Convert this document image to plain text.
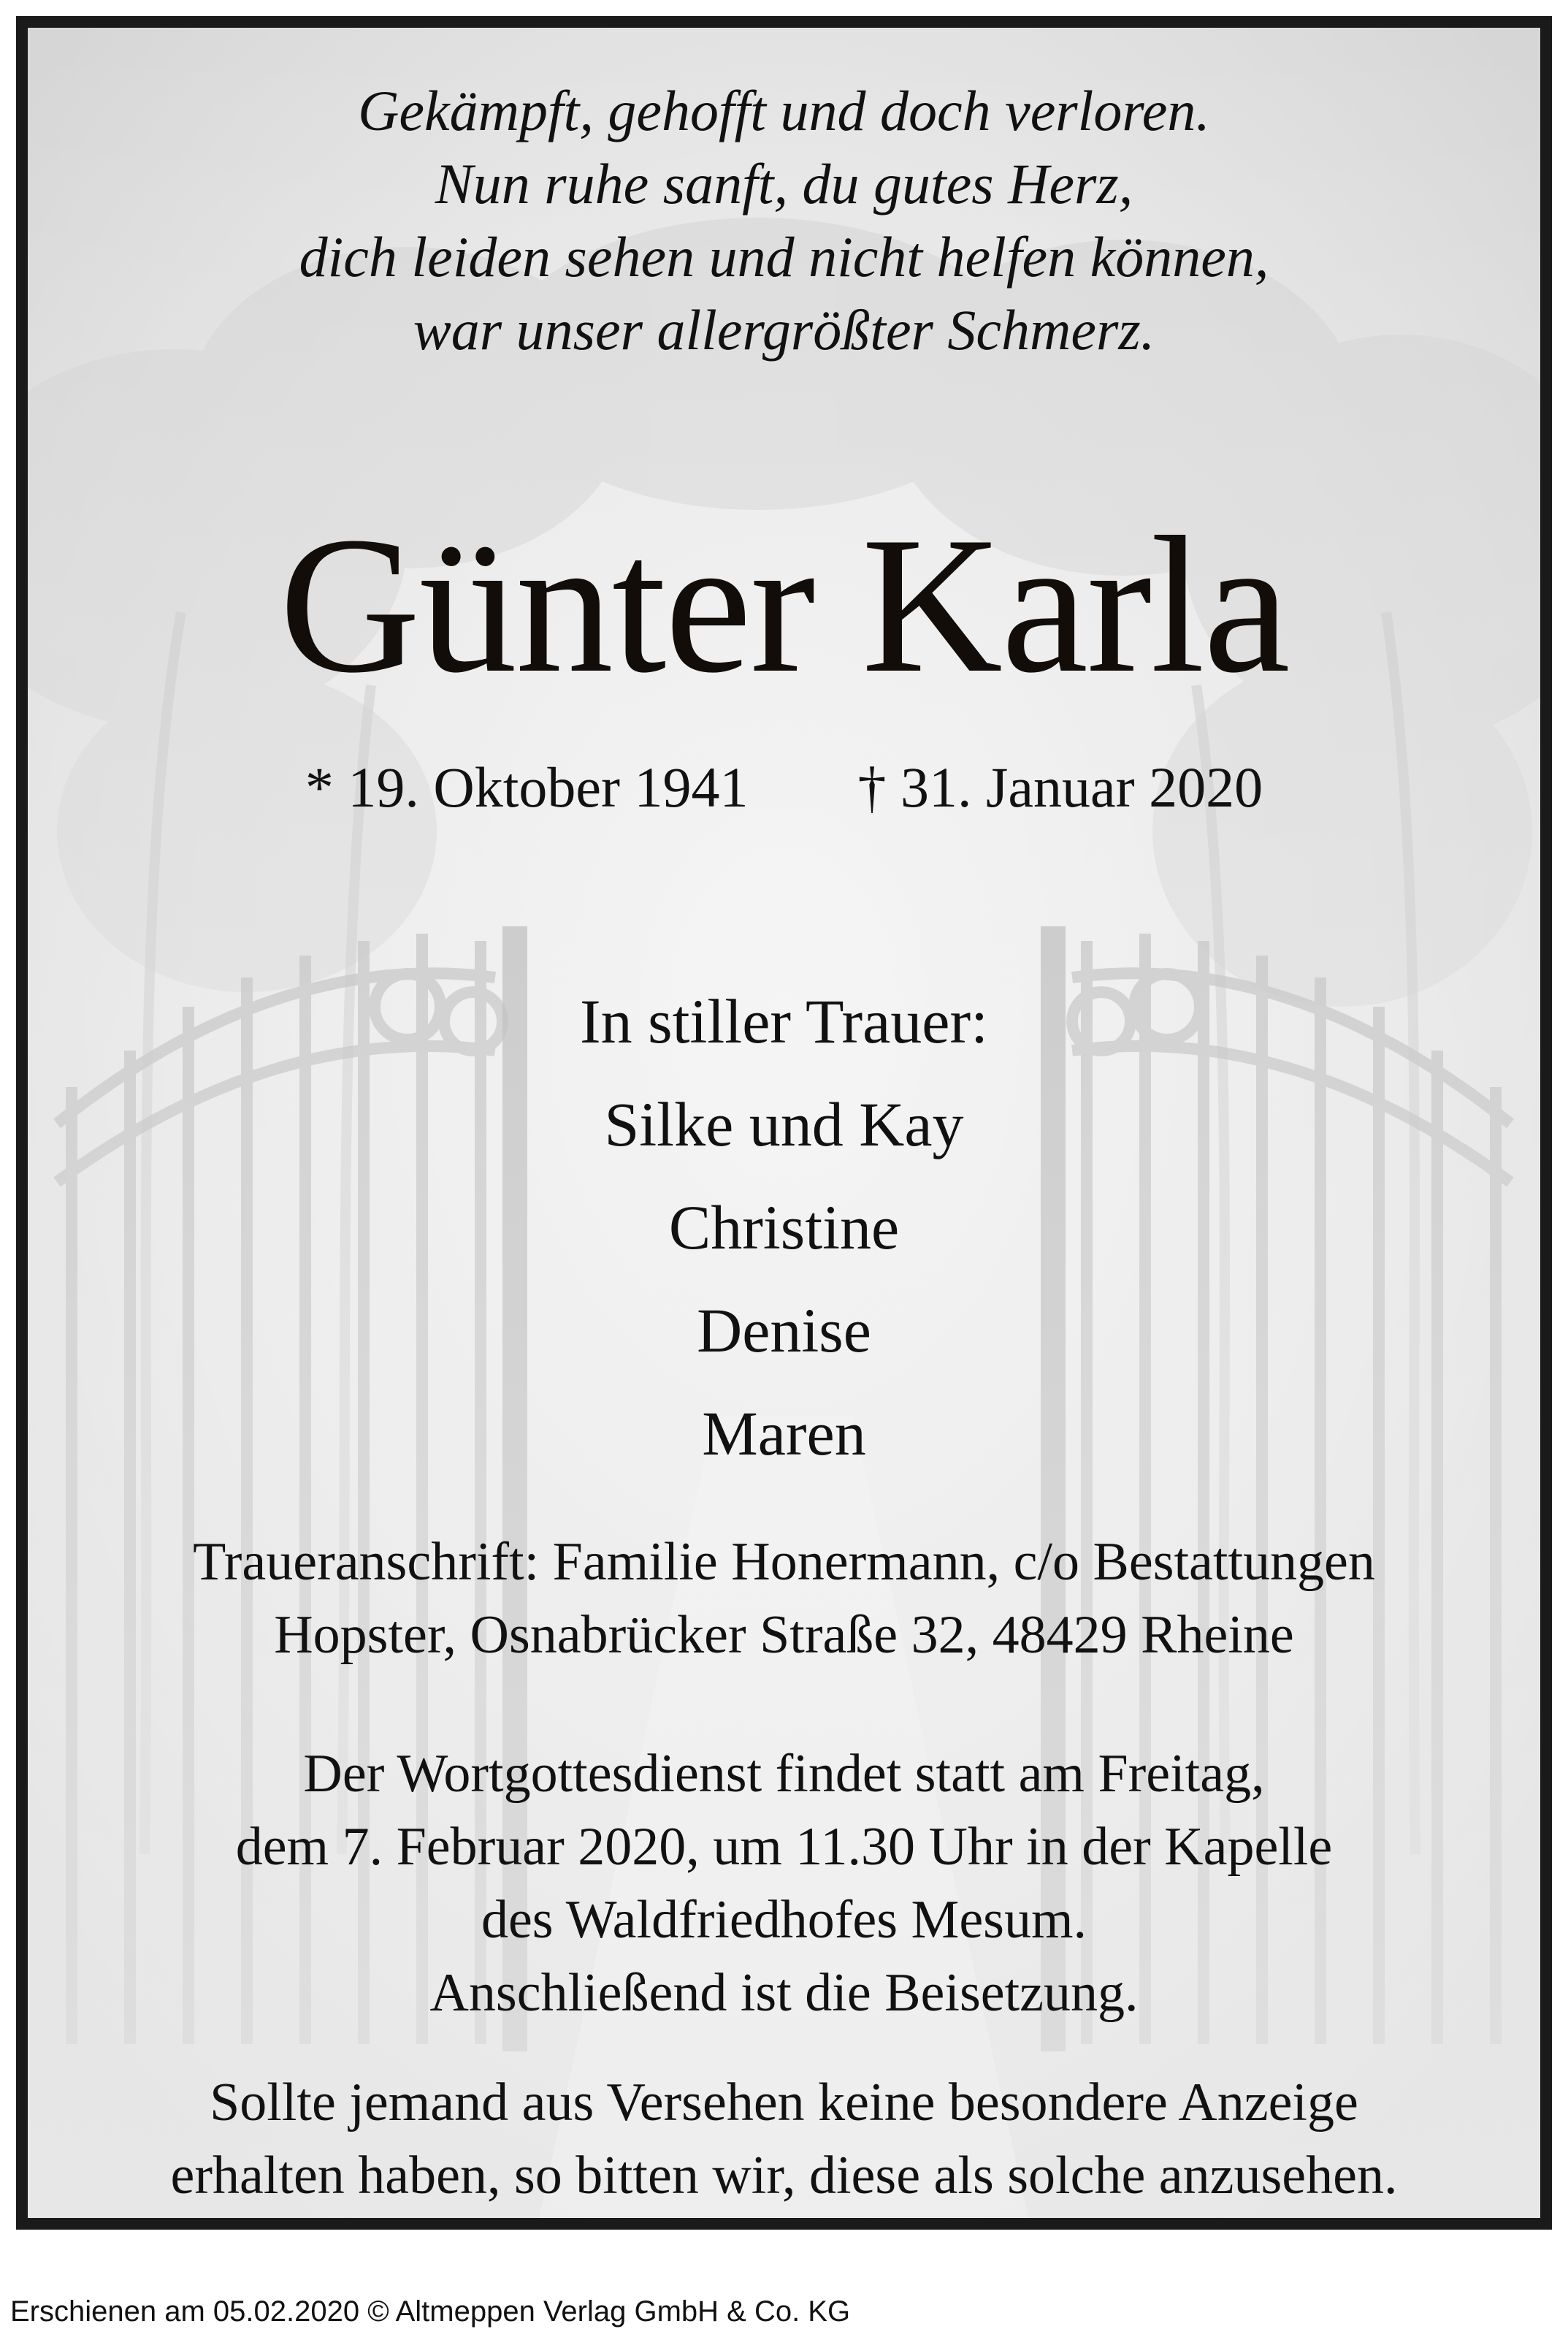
Gekämpft, gehofft und doch verloren.
Nun ruhe sanft, du gutes Herz,
dich leiden sehen und nicht helfen können,
war unser allergrößter Schmerz.
Günter Karla
* 19. Oktober 1941 † 31. Januar 2020
In stiller Trauer:
Silke und Kay
Christine
Denise
Maren
Traueranschrift: Familie Honermann, c/o Bestattungen
Hopster, Osnabrücker Straße 32, 48429 Rheine
Der Wortgottesdienst findet statt am Freitag,
dem 7. Februar 2020, um 11.30 Uhr in der Kapelle
des Waldfriedhofes Mesum.
Anschließend ist die Beisetzung.
Sollte jemand aus Versehen keine besondere Anzeige
erhalten haben, so bitten wir, diese als solche anzusehen.
Erschienen am 05.02.2020 © Altmeppen Verlag GmbH & Co. KG
